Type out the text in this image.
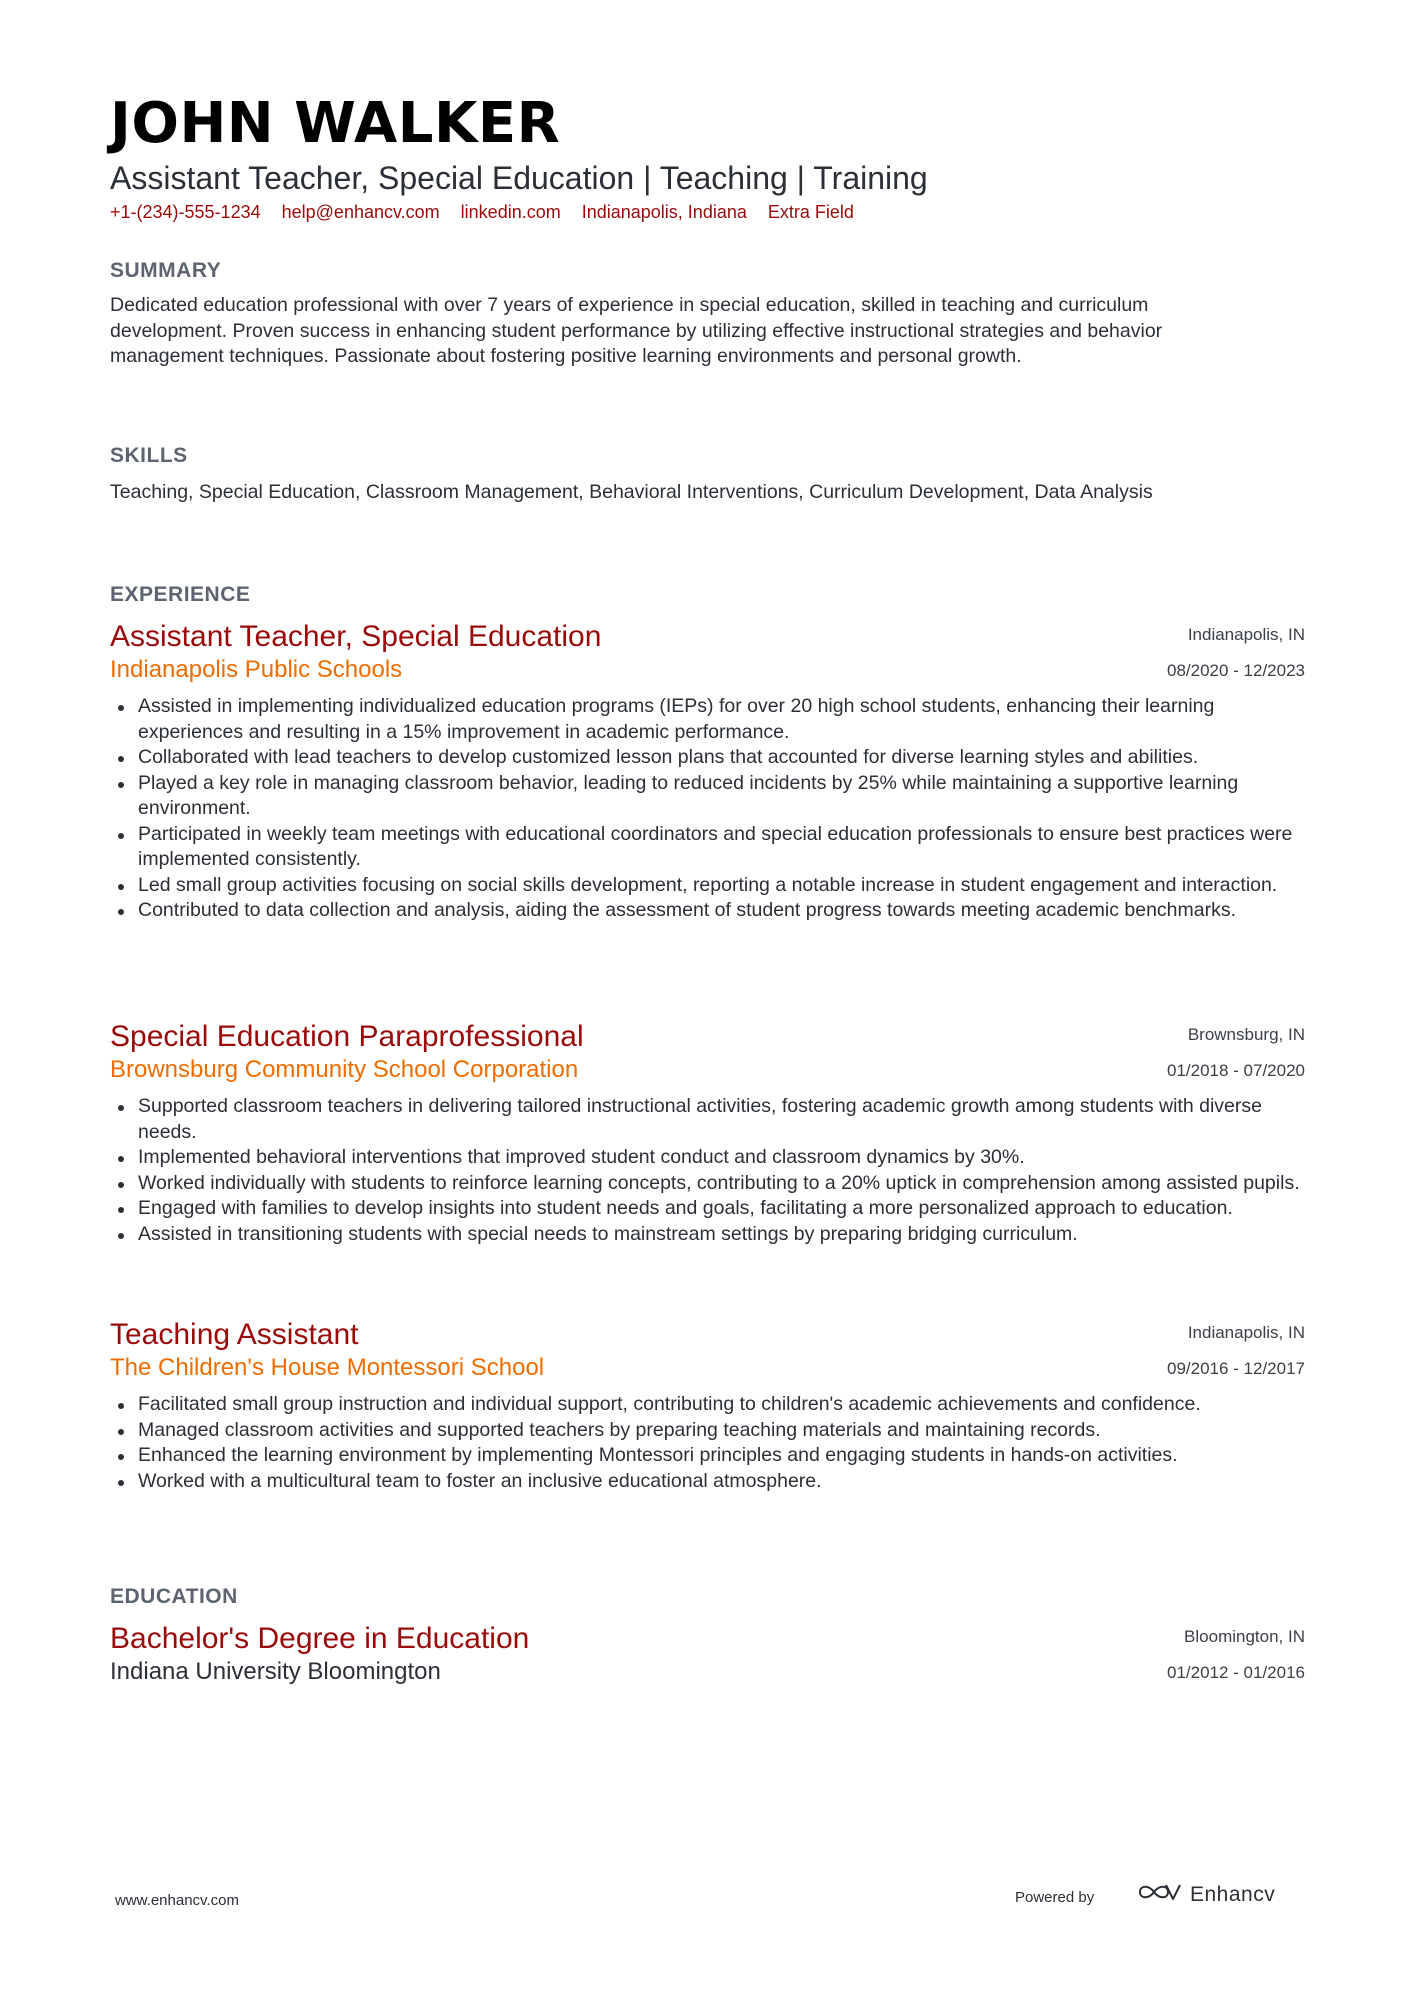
JOHN WALKER
Assistant Teacher, Special Education | Teaching | Training
+1-(234)-555-1234 help@enhancv.com linkedin.com Indianapolis, Indiana Extra Field
SUMMARY
Dedicated education professional with over 7 years of experience in special education, skilled in teaching and curriculum development. Proven success in enhancing student performance by utilizing effective instructional strategies and behavior management techniques. Passionate about fostering positive learning environments and personal growth.
SKILLS
Teaching, Special Education, Classroom Management, Behavioral Interventions, Curriculum Development, Data Analysis
EXPERIENCE
Assistant Teacher, Special Education
Indianapolis Public Schools
Indianapolis, IN
08/2020 - 12/2023
Assisted in implementing individualized education programs (IEPs) for over 20 high school students, enhancing their learning experiences and resulting in a 15% improvement in academic performance.
Collaborated with lead teachers to develop customized lesson plans that accounted for diverse learning styles and abilities.
Played a key role in managing classroom behavior, leading to reduced incidents by 25% while maintaining a supportive learning environment.
Participated in weekly team meetings with educational coordinators and special education professionals to ensure best practices were implemented consistently.
Led small group activities focusing on social skills development, reporting a notable increase in student engagement and interaction.
Contributed to data collection and analysis, aiding the assessment of student progress towards meeting academic benchmarks.
Special Education Paraprofessional
Brownsburg Community School Corporation
Brownsburg, IN
01/2018 - 07/2020
Supported classroom teachers in delivering tailored instructional activities, fostering academic growth among students with diverse needs.
Implemented behavioral interventions that improved student conduct and classroom dynamics by 30%.
Worked individually with students to reinforce learning concepts, contributing to a 20% uptick in comprehension among assisted pupils.
Engaged with families to develop insights into student needs and goals, facilitating a more personalized approach to education.
Assisted in transitioning students with special needs to mainstream settings by preparing bridging curriculum.
Teaching Assistant
The Children's House Montessori School
Indianapolis, IN
09/2016 - 12/2017
Facilitated small group instruction and individual support, contributing to children's academic achievements and confidence.
Managed classroom activities and supported teachers by preparing teaching materials and maintaining records.
Enhanced the learning environment by implementing Montessori principles and engaging students in hands-on activities.
Worked with a multicultural team to foster an inclusive educational atmosphere.
EDUCATION
Bachelor's Degree in Education
Indiana University Bloomington
Bloomington, IN
01/2012 - 01/2016
www.enhancv.com	Powered by	Enhancv
